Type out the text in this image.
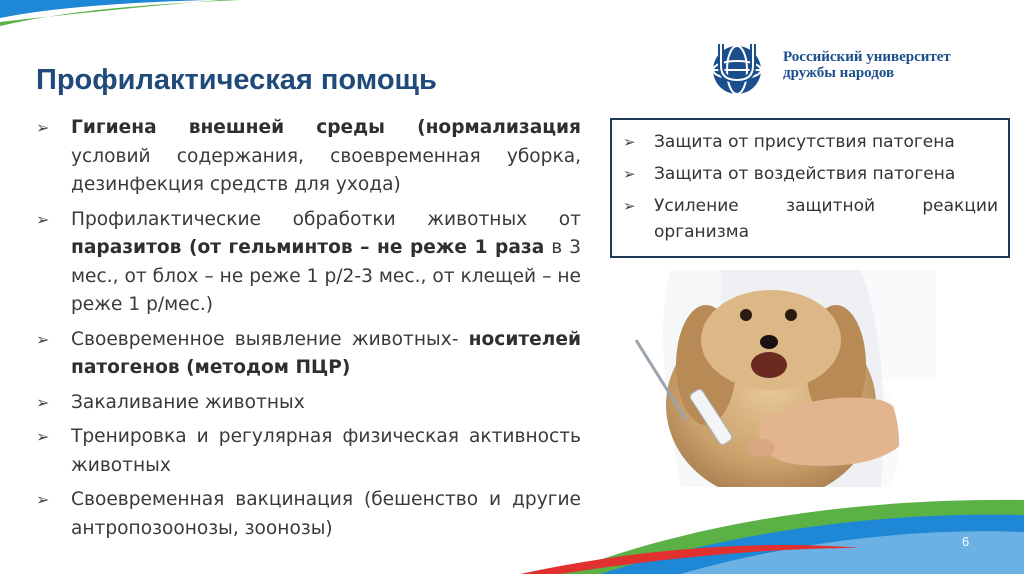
Профилактическая помощь
Российский университет
дружбы народов
➢ Гигиена внешней среды (нормализация условий содержания, своевременная уборка, дезинфекция средств для ухода)
➢ Профилактические обработки животных от паразитов (от гельминтов – не реже 1 раза в 3 мес., от блох – не реже 1 р/2-3 мес., от клещей – не реже 1 р/мес.)
➢ Своевременное выявление животных- носителей патогенов (методом ПЦР)
➢ Закаливание животных
➢ Тренировка и регулярная физическая активность животных
➢ Своевременная вакцинация (бешенство и другие антропозоонозы, зоонозы)
➢ Защита от присутствия патогена
➢ Защита от воздействия патогена
➢ Усиление защитной реакции организма
6
